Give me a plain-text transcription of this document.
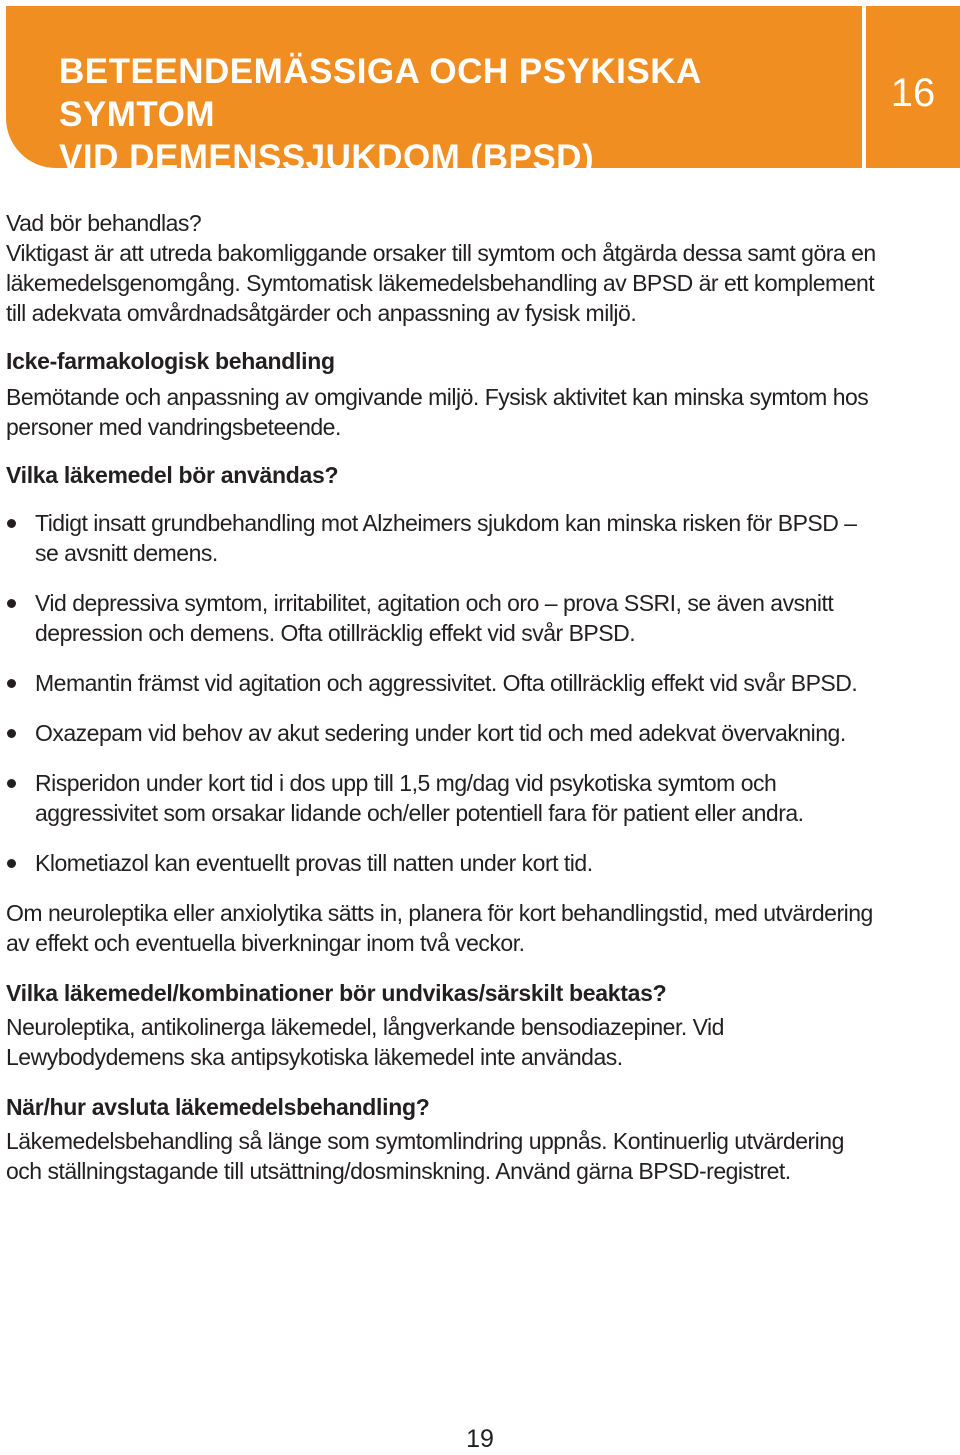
BETEENDEMÄSSIGA OCH PSYKISKA SYMTOM
VID DEMENSSJUKDOM (BPSD)
16
Vad bör behandlas?

Viktigast är att utreda bakomliggande orsaker till symtom och åtgärda dessa samt göra en läkemedelsgenomgång. Symtomatisk läkemedelsbehandling av BPSD är ett komplement till adekvata omvårdnadsåtgärder och anpassning av fysisk miljö.

Icke-farmakologisk behandling

Bemötande och anpassning av omgivande miljö. Fysisk aktivitet kan minska symtom hos personer med vandringsbeteende.

Vilka läkemedel bör användas?
Tidigt insatt grundbehandling mot Alzheimers sjukdom kan minska risken för BPSD – se avsnitt demens.
Vid depressiva symtom, irritabilitet, agitation och oro – prova SSRI, se även avsnitt depression och demens. Ofta otillräcklig effekt vid svår BPSD.
Memantin främst vid agitation och aggressivitet. Ofta otillräcklig effekt vid svår BPSD.
Oxazepam vid behov av akut sedering under kort tid och med adekvat övervakning.
Risperidon under kort tid i dos upp till 1,5 mg/dag vid psykotiska symtom och aggressivitet som orsakar lidande och/eller potentiell fara för patient eller andra.
Klometiazol kan eventuellt provas till natten under kort tid.

Om neuroleptika eller anxiolytika sätts in, planera för kort behandlingstid, med utvärdering av effekt och eventuella biverkningar inom två veckor.

Vilka läkemedel/kombinationer bör undvikas/särskilt beaktas?

Neuroleptika, antikolinerga läkemedel, långverkande bensodiazepiner. Vid Lewybodydemens ska antipsykotiska läkemedel inte användas.

När/hur avsluta läkemedelsbehandling?

Läkemedelsbehandling så länge som symtomlindring uppnås. Kontinuerlig utvärdering och ställningstagande till utsättning/dosminskning. Använd gärna BPSD-registret.

19
